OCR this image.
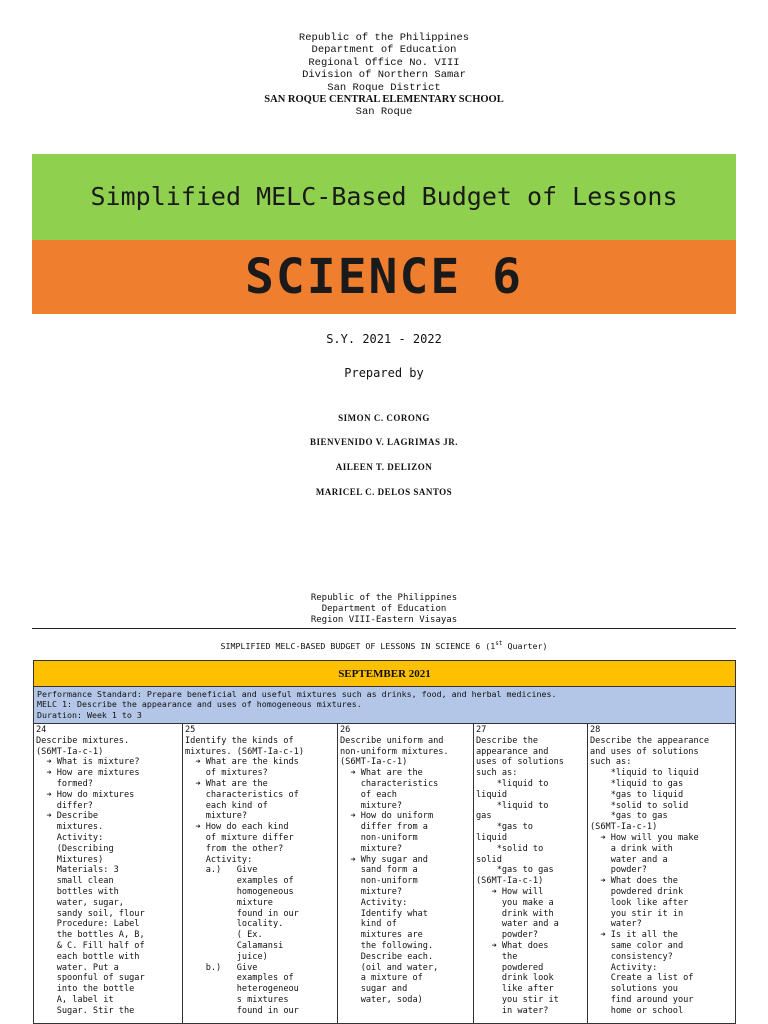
Republic of the Philippines
Department of Education
Regional Office No. VIII
Division of Northern Samar
San Roque District
SAN ROQUE CENTRAL ELEMENTARY SCHOOL
San Roque
Simplified MELC-Based Budget of Lessons
SCIENCE 6
S.Y. 2021 - 2022
Prepared by
SIMON C. CORONG
BIENVENIDO V. LAGRIMAS JR.
AILEEN T. DELIZON
MARICEL C. DELOS SANTOS
Republic of the Philippines
Department of Education
Region VIII-Eastern Visayas
SIMPLIFIED MELC-BASED BUDGET OF LESSONS IN SCIENCE 6 (1st Quarter)
SEPTEMBER 2021
Performance Standard: Prepare beneficial and useful mixtures such as drinks, food, and herbal medicines.
MELC 1: Describe the appearance and uses of homogeneous mixtures.
Duration: Week 1 to 3
24
Describe mixtures.
(S6MT-Ia-c-1)
➜ What is mixture?
➜ How are mixtures
formed?
➜ How do mixtures
differ?
➜ Describe
mixtures.
Activity:
(Describing
Mixtures)
Materials: 3
small clean
bottles with
water, sugar,
sandy soil, flour
Procedure: Label
the bottles A, B,
& C. Fill half of
each bottle with
water. Put a
spoonful of sugar
into the bottle
A, label it
Sugar. Stir the
25
Identify the kinds of
mixtures. (S6MT-Ia-c-1)
➜ What are the kinds
of mixtures?
➜ What are the
characteristics of
each kind of
mixture?
➜ How do each kind
of mixture differ
from the other?
Activity:
a.)   Give
examples of
homogeneous
mixture
found in our
locality.
( Ex.
Calamansi
juice)
b.)   Give
examples of
heterogeneou
s mixtures
found in our
26
Describe uniform and
non-uniform mixtures.
(S6MT-Ia-c-1)
➜ What are the
characteristics
of each
mixture?
➜ How do uniform
differ from a
non-uniform
mixture?
➜ Why sugar and
sand form a
non-uniform
mixture?
Activity:
Identify what
kind of
mixtures are
the following.
Describe each.
(oil and water,
a mixture of
sugar and
water, soda)
27
Describe the
appearance and
uses of solutions
such as:
*liquid to
liquid
*liquid to
gas
*gas to
liquid
*solid to
solid
*gas to gas
(S6MT-Ia-c-1)
➜ How will
you make a
drink with
water and a
powder?
➜ What does
the
powdered
drink look
like after
you stir it
in water?
28
Describe the appearance
and uses of solutions
such as:
*liquid to liquid
*liquid to gas
*gas to liquid
*solid to solid
*gas to gas
(S6MT-Ia-c-1)
➜ How will you make
a drink with
water and a
powder?
➜ What does the
powdered drink
look like after
you stir it in
water?
➜ Is it all the
same color and
consistency?
Activity:
Create a list of
solutions you
find around your
home or school
